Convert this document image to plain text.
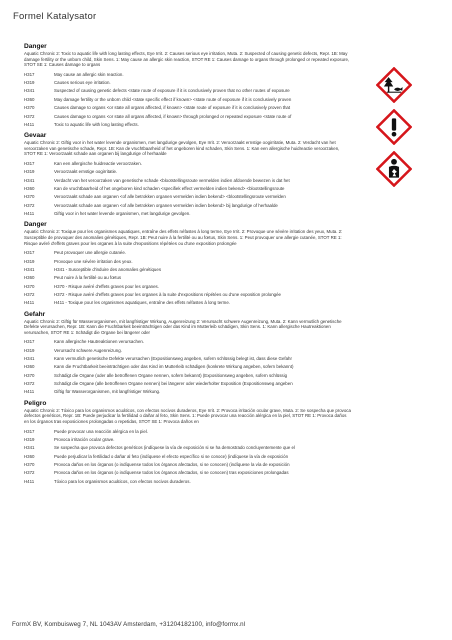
Formel Katalysator
Danger
Aquatic Chronic 2: Toxic to aquatic life with long lasting effects, Eye Irrit. 2: Causes serious eye irritation, Muta. 2: Suspected of causing genetic defects, Repr. 1B: May damage fertility or the unborn child, Skin Sens. 1: May cause an allergic skin reaction, STOT RE 1: Causes damage to organs through prolonged or repeated exposure, STOT SE 1: Causes damage to organs
H317	May cause an allergic skin reaction.
H319	Causes serious eye irritation.
H341	Suspected of causing genetic defects <state route of exposure if it is conclusively proven that no other routes of exposure
H360	May damage fertility or the unborn child <state specific effect if known> <state route of exposure if it is conclusively proven
H370	Causes damage to organs <or state all organs affected, if known> <state route of exposure if it is conclusively proven that
H372	Causes damage to organs <or state all organs affected, if known> through prolonged or repeated exposure <state route of
H411	Toxic to aquatic life with long lasting effects.
Gevaar
Aquatic Chronic 2: Giftig voor in het water levende organismen, met langdurige gevolgen, Eye Irrit. 2: Veroorzaakt ernstige oogirritatie, Muta. 2: Verdacht van het veroorzaken van genetische schade, Repr. 1B: Kan de vruchtbaarheid of het ongeboren kind schaden, Skin Sens. 1: Kan een allergische huidreactie veroorzaken, STOT RE 1: Veroorzaakt schade aan organen bij langdurige of herhaalde
H317	Kan een allergische huidreactie veroorzaken.
H319	Veroorzaakt ernstige oogirritatie.
H341	Verdacht van het veroorzaken van genetische schade <blootstellingsroute vermelden indien afdoende bewezen is dat het
H360	Kan de vruchtbaarheid of het ongeboren kind schaden <specifiek effect vermelden indien bekend> <blootstellingsroute
H370	Veroorzaakt schade aan organen <of alle betrokken organen vermelden indien bekend> <blootstellingsroute vermelden
H372	Veroorzaakt schade aan organen <of alle betrokken organen vermelden indien bekend> bij langdurige of herhaalde
H411	Giftig voor in het water levende organismen, met langdurige gevolgen.
Danger
Aquatic Chronic 2: Toxique pour les organismes aquatiques, entraîne des effets néfastes à long terme, Eye Irrit. 2: Provoque une sévère irritation des yeux, Muta. 2: Susceptible de provoquer des anomalies génétiques, Repr. 1B: Peut nuire à la fertilité ou au fœtus, Skin Sens. 1: Peut provoquer une allergie cutanée, STOT RE 1: Risque avéré d'effets graves pour les organes à la suite d'expositions répétées ou d'une exposition prolongée
H317	Peut provoquer une allergie cutanée.
H319	Provoque une sévère irritation des yeux.
H341	H341 - Susceptible d'induire des anomalies génétiques
H360	Peut nuire à la fertilité ou au fœtus
H370	H370 - Risque avéré d'effets graves pour les organes.
H372	H372 - Risque avéré d'effets graves pour les organes à la suite d'expositions répétées ou d'une exposition prolongée
H411	H411 - Toxique pour les organismes aquatiques, entraîne des effets néfastes à long terme.
Gefahr
Aquatic Chronic 2: Giftig für Wasserorganismen, mit langfristiger Wirkung, Augenreizung 2: Verursacht schwere Augenreizung, Muta. 2: Kann vermutlich genetische Defekte verursachen, Repr. 1B: Kann die Fruchtbarkeit beeinträchtigen oder das Kind im Mutterleib schädigen, Skin Sens. 1: Kann allergische Hautreaktionen verursachen, STOT RE 1: Schädigt die Organe bei längerer oder
H317	Kann allergische Hautreaktionen verursachen.
H319	Verursacht schwere Augenreizung.
H341	Kann vermutlich genetische Defekte verursachen (Expositionsweg angeben, sofern schlüssig belegt ist, dass diese Gefahr
H360	Kann die Fruchtbarkeit beeinträchtigen oder das Kind im Mutterleib schädigen (konkrete Wirkung angeben, sofern bekannt)
H370	Schädigt die Organe (oder alle betroffenen Organe nennen, sofern bekannt) (Expositionsweg angeben, sofern schlüssig
H372	Schädigt die Organe (alle betroffenen Organe nennen) bei längerer oder wiederholter Exposition (Expositionsweg angeben
H411	Giftig für Wasserorganismen, mit langfristiger Wirkung.
Peligro
Aquatic Chronic 2: Tóxico para los organismos acuáticos, con efectos nocivos duraderos, Eye Irrit. 2: Provoca irritación ocular grave, Muta. 2: Se sospecha que provoca defectos genéticos, Repr. 1B: Puede perjudicar la fertilidad o dañar al feto, Skin Sens. 1: Puede provocar una reacción alérgica en la piel, STOT RE 1: Provoca daños en los órganos tras exposiciones prolongadas o repetidas, STOT SE 1: Provoca daños en
H317	Puede provocar una reacción alérgica en la piel.
H319	Provoca irritación ocular grave.
H341	Se sospecha que provoca defectos genéticos (indíquese la vía de exposición si se ha demostrado concluyentemente que el
H360	Puede perjudicar la fertilidad o dañar al feto (indíquese el efecto específico si se conoce) (indíquese la vía de exposición
H370	Provoca daños en los órganos (o indíquense todos los órganos afectados, si se conocen) (indíquese la vía de exposición
H372	Provoca daños en los órganos (o indíquense todos los órganos afectados, si se conocen) tras exposiciones prolongadas
H411	Tóxico para los organismos acuáticos, con efectos nocivos duraderos.
FormX BV, Kombuisweg 7, NL 1043AV Amsterdam, +31204182100, info@formx.nl
